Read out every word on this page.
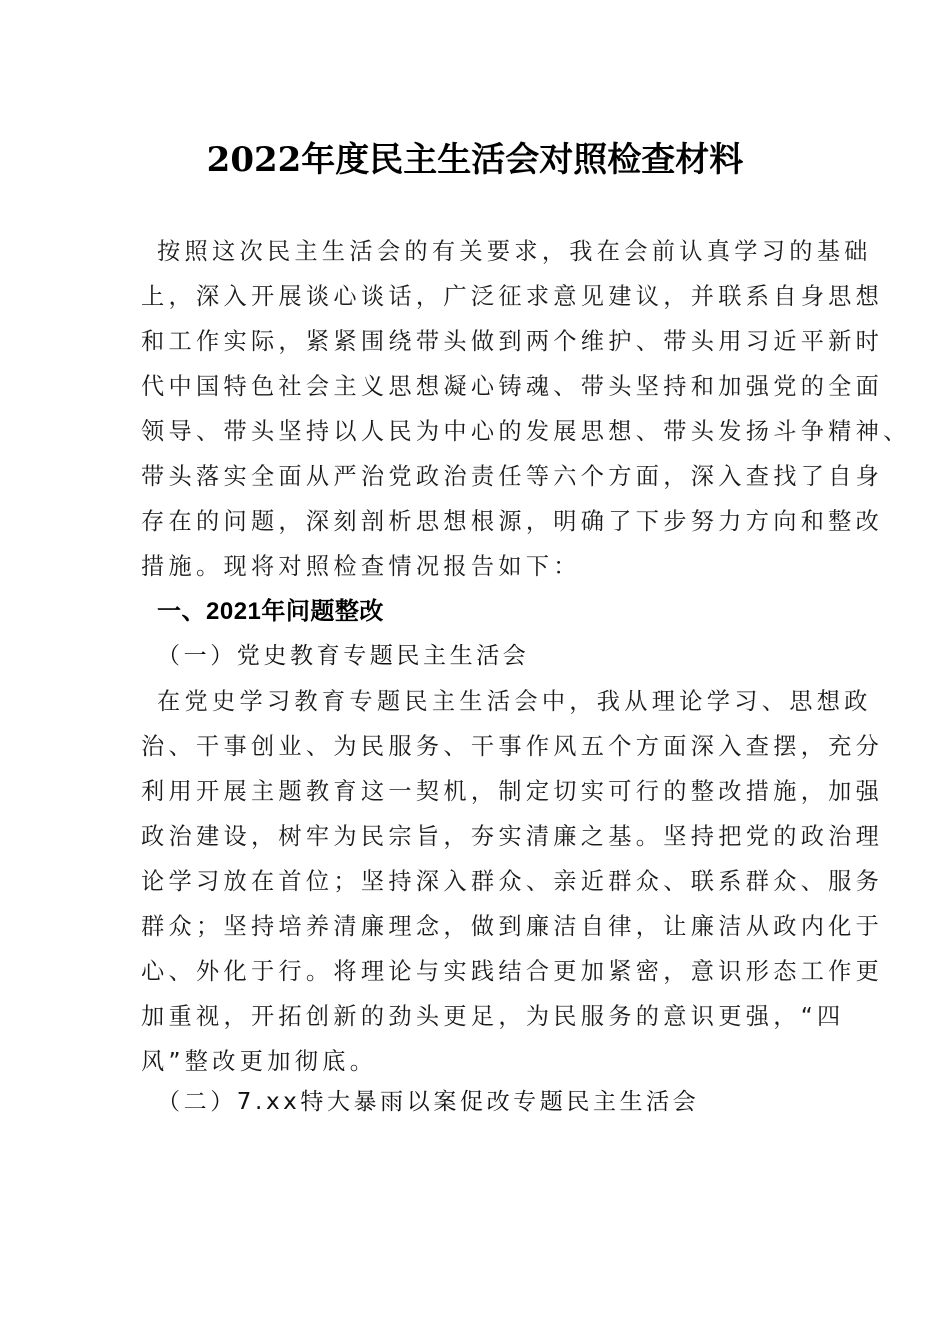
2022年度民主生活会对照检查材料
按照这次民主生活会的有关要求，我在会前认真学习的基础
上，深入开展谈心谈话，广泛征求意见建议，并联系自身思想
和工作实际，紧紧围绕带头做到两个维护、带头用习近平新时
代中国特色社会主义思想凝心铸魂、带头坚持和加强党的全面
领导、带头坚持以人民为中心的发展思想、带头发扬斗争精神、
带头落实全面从严治党政治责任等六个方面，深入查找了自身
存在的问题，深刻剖析思想根源，明确了下步努力方向和整改
措施。现将对照检查情况报告如下：
一、2021年问题整改
（一）党史教育专题民主生活会
在党史学习教育专题民主生活会中，我从理论学习、思想政
治、干事创业、为民服务、干事作风五个方面深入查摆，充分
利用开展主题教育这一契机，制定切实可行的整改措施，加强
政治建设，树牢为民宗旨，夯实清廉之基。坚持把党的政治理
论学习放在首位；坚持深入群众、亲近群众、联系群众、服务
群众；坚持培养清廉理念，做到廉洁自律，让廉洁从政内化于
心、外化于行。将理论与实践结合更加紧密，意识形态工作更
加重视，开拓创新的劲头更足，为民服务的意识更强，“四
风”整改更加彻底。
（二）7.xx特大暴雨以案促改专题民主生活会
